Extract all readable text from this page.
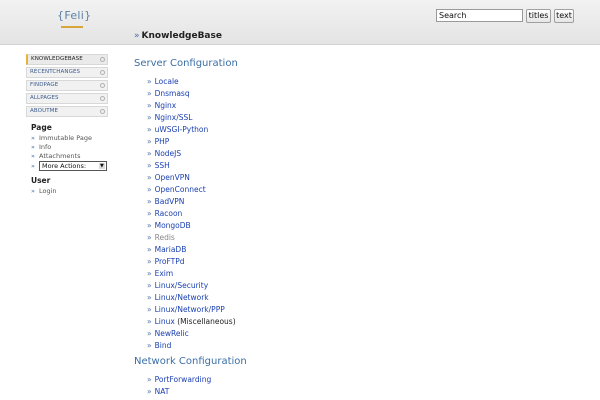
{Feli}
Search	titles text
» KnowledgeBase
KNOWLEDGEBASE
RECENTCHANGES
FINDPAGE
ALLPAGES
ABOUTME
Page
» Immutable Page
» Info
» Attachments
» More Actions:	▼
User
» Login
Server Configuration
» Locale
» Dnsmasq
» Nginx
» Nginx/SSL
» uWSGI-Python
» PHP
» NodeJS
» SSH
» OpenVPN
» OpenConnect
» BadVPN
» Racoon
» MongoDB
» Redis
» MariaDB
» ProFTPd
» Exim
» Linux/Security
» Linux/Network
» Linux/Network/PPP
» Linux (Miscellaneous)
» NewRelic
» Bind
Network Configuration
» PortForwarding
» NAT
